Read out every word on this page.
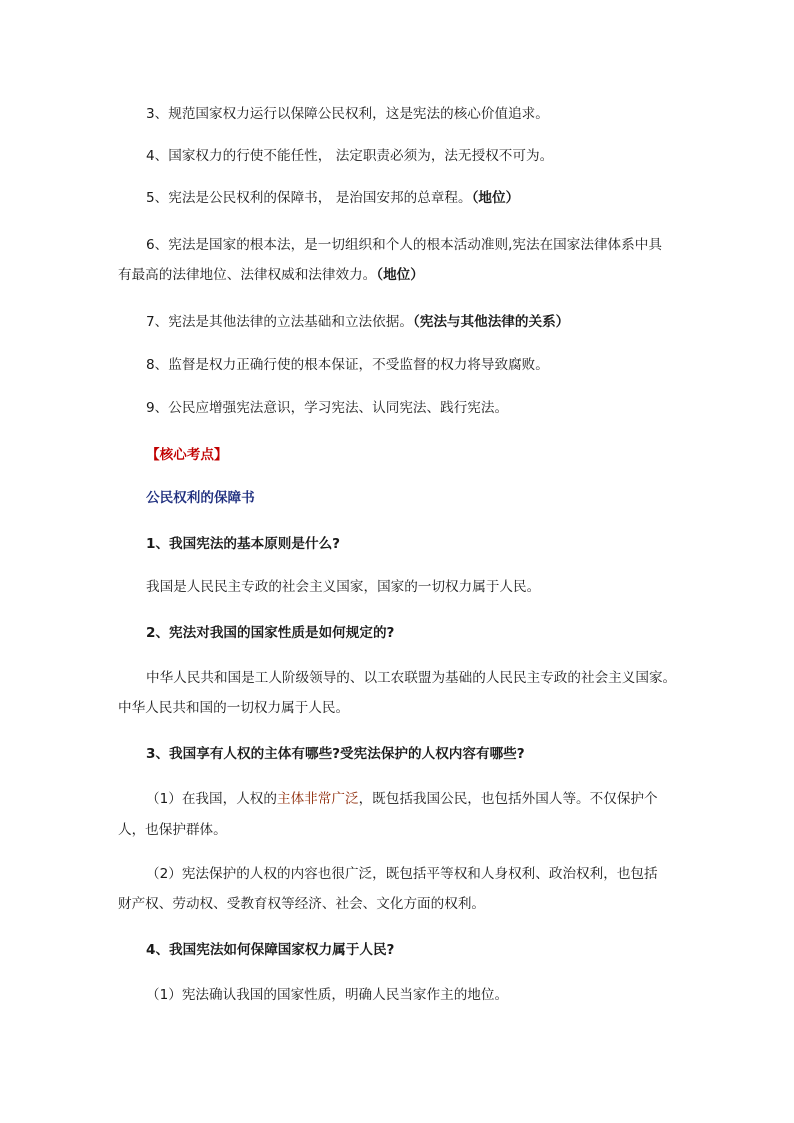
3、规范国家权力运行以保障公民权利，这是宪法的核心价值追求。
4、国家权力的行使不能任性， 法定职责必须为，法无授权不可为。
5、宪法是公民权利的保障书， 是治国安邦的总章程。（地位）
6、宪法是国家的根本法，是一切组织和个人的根本活动准则,宪法在国家法律体系中具
有最高的法律地位、法律权威和法律效力。（地位）
7、宪法是其他法律的立法基础和立法依据。（宪法与其他法律的关系）
8、监督是权力正确行使的根本保证，不受监督的权力将导致腐败。
9、公民应增强宪法意识，学习宪法、认同宪法、践行宪法。
【核心考点】
公民权利的保障书
1、我国宪法的基本原则是什么?
我国是人民民主专政的社会主义国家，国家的一切权力属于人民。
2、宪法对我国的国家性质是如何规定的?
中华人民共和国是工人阶级领导的、以工农联盟为基础的人民民主专政的社会主义国家。
中华人民共和国的一切权力属于人民。
3、我国享有人权的主体有哪些?受宪法保护的人权内容有哪些?
（1）在我国，人权的主体非常广泛，既包括我国公民，也包括外国人等。不仅保护个
人，也保护群体。
（2）宪法保护的人权的内容也很广泛，既包括平等权和人身权利、政治权利，也包括
财产权、劳动权、受教育权等经济、社会、文化方面的权利。
4、我国宪法如何保障国家权力属于人民?
（1）宪法确认我国的国家性质，明确人民当家作主的地位。
